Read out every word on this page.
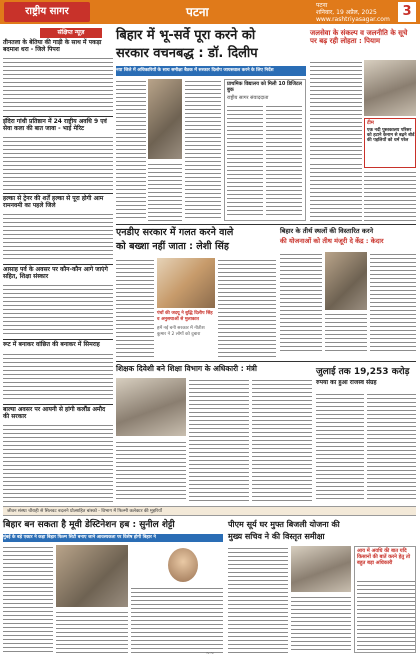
राष्ट्रीय सागर	पटना	पटना
शनिवार, 19 अप्रैल, 2025
www.rashtriyasagar.com
3
संक्षिप्त न्यूज़
तीनतला के बेतिया की गाड़ी के साथ में पकड़ा बदमाश धरा - जिले पिपरा
इंदिरा गांधी प्रतिष्ठान में 24 राष्ट्रीय अवधि 9 एवं सेवा कला की बात जावा - भाई मेरिट
हल्का से ट्रेनर की शर्तें हल्का से पूरा होगी आम रामनवमी का पहले जिले
आसाह पर्व के अवसर पर कौन-कौन आगे जाएंगे सहित, शिक्षा संस्कार
रूट में बनाकर वांछित की बनाकर में सिमराह
बाल्या अवसर पर आयनी से हांगी कलौंड अमौद की सरकार
बिहार में भू-सर्वे पूरा करने को
सरकार वचनबद्ध : डॉ. दिलीप
नया जिले में अधिकारियों के साथ समीक्षा बैठक में सरकार दिलोप जायसवाल करने के लिए निर्देश
प्राथमिक विद्यालय को मिली 10 डिजिटल बुक
राष्ट्रीय सागर संवाददाता
जलसेवा के संकल्प व जलनीति के सूचे पर बढ़ रही लोहता : पियाम
टीम
एक नदी पुस्तकालय परिसर को हटाने केनाम से बढ़ने बोर्ड की पहलियों को धर्म परेल
एनडीए सरकार में गलत करने वाले
को बख्शा नहीं जाता : लेशी सिंह
पंचों की जदयू ने बुद्धि दिलीप सिंह व अनुसचाओं से मुलाकात
हमें नई बनी सरकार में नीतीश कुमार ने 2 लोगों को दुबारा
बिहार के तीर्थ स्थलों की विस्तारित करने
की योजनाओं को तीथ मंजूरी दे केंद्र : केदार
शिक्षक दिवेशी बने शिक्षा विभाग के अधिकारी : मंत्री	जुलाई तक 19,253 करोड़
रुपया का हुआ राजस्व संग्रह
जीवन संस्था चौराही से सिलवट बदलने प्रोत्साहित बांस्को - विभाग में फिल्मी कलेक्टर की मुहरियाँ
बिहार बन सकता है मूवी डेस्टिनेशन हब : सुनील शेट्टी
मुंबई के बड़े एक्टर ने कहा बिहार फिल्म सिटी बनाए जाने आवश्यकता पर विशेष होगी बिहार ने
पीएम सूर्य घर मुफ्त बिजली योजना की
मुख्य सचिव ने की विस्तृत समीक्षा
आय में अवधि की बात यदि किसानों की बातें करने हेतु तो बहुत बड़ा अधिकारी
~~
